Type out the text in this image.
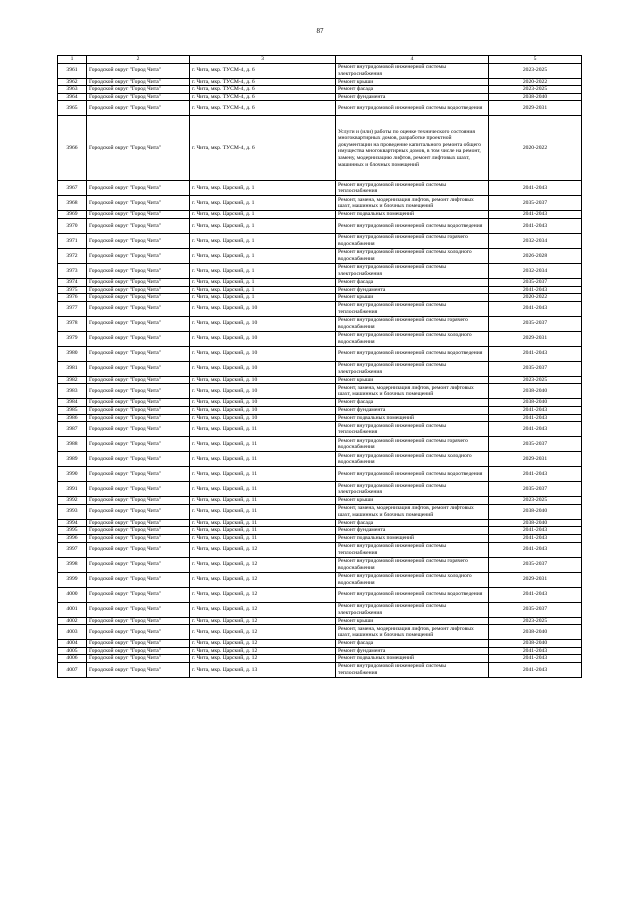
87
1	2	3	4	5
3961	Городской округ "Город Чита"	г. Чита, мкр. ТУСМ-4, д. 6	Ремонт внутридомовой инженерной системы электроснабжения	2023-2025
3962	Городской округ "Город Чита"	г. Чита, мкр. ТУСМ-4, д. 6	Ремонт крыши	2020-2022
3963	Городской округ "Город Чита"	г. Чита, мкр. ТУСМ-4, д. 6	Ремонт фасада	2023-2025
3964	Городской округ "Город Чита"	г. Чита, мкр. ТУСМ-4, д. 6	Ремонт фундамента	2038-2040
3965	Городской округ "Город Чита"	г. Чита, мкр. ТУСМ-4, д. 6	Ремонт внутридомовой инженерной системы водоотведения	2029-2031
3966	Городской округ "Город Чита"	г. Чита, мкр. ТУСМ-4, д. 6	Услуги и (или) работы по оценке технического состояния многоквартирных домов, разработке проектной документации на проведение капитального ремонта общего имущества многоквартирных домов, в том числе на ремонт, замену, модернизацию лифтов, ремонт лифтовых шахт, машинных и блочных помещений	2020-2022
3967	Городской округ "Город Чита"	г. Чита, мкр. Царский, д. 1	Ремонт внутридомовой инженерной системы теплоснабжения	2041-2043
3968	Городской округ "Город Чита"	г. Чита, мкр. Царский, д. 1	Ремонт, замена, модернизация лифтов, ремонт лифтовых шахт, машинных и блочных помещений	2035-2037
3969	Городской округ "Город Чита"	г. Чита, мкр. Царский, д. 1	Ремонт подвальных помещений	2041-2043
3970	Городской округ "Город Чита"	г. Чита, мкр. Царский, д. 1	Ремонт внутридомовой инженерной системы водоотведения	2041-2043
3971	Городской округ "Город Чита"	г. Чита, мкр. Царский, д. 1	Ремонт внутридомовой инженерной системы горячего водоснабжения	2032-2034
3972	Городской округ "Город Чита"	г. Чита, мкр. Царский, д. 1	Ремонт внутридомовой инженерной системы холодного водоснабжения	2026-2028
3973	Городской округ "Город Чита"	г. Чита, мкр. Царский, д. 1	Ремонт внутридомовой инженерной системы электроснабжения	2032-2034
3974	Городской округ "Город Чита"	г. Чита, мкр. Царский, д. 1	Ремонт фасада	2035-2037
3975	Городской округ "Город Чита"	г. Чита, мкр. Царский, д. 1	Ремонт фундамента	2041-2043
3976	Городской округ "Город Чита"	г. Чита, мкр. Царский, д. 1	Ремонт крыши	2020-2022
3977	Городской округ "Город Чита"	г. Чита, мкр. Царский, д. 10	Ремонт внутридомовой инженерной системы теплоснабжения	2041-2043
3978	Городской округ "Город Чита"	г. Чита, мкр. Царский, д. 10	Ремонт внутридомовой инженерной системы горячего водоснабжения	2035-2037
3979	Городской округ "Город Чита"	г. Чита, мкр. Царский, д. 10	Ремонт внутридомовой инженерной системы холодного водоснабжения	2029-2031
3980	Городской округ "Город Чита"	г. Чита, мкр. Царский, д. 10	Ремонт внутридомовой инженерной системы водоотведения	2041-2043
3981	Городской округ "Город Чита"	г. Чита, мкр. Царский, д. 10	Ремонт внутридомовой инженерной системы электроснабжения	2035-2037
3982	Городской округ "Город Чита"	г. Чита, мкр. Царский, д. 10	Ремонт крыши	2023-2025
3983	Городской округ "Город Чита"	г. Чита, мкр. Царский, д. 10	Ремонт, замена, модернизация лифтов, ремонт лифтовых шахт, машинных и блочных помещений	2038-2040
3984	Городской округ "Город Чита"	г. Чита, мкр. Царский, д. 10	Ремонт фасада	2038-2040
3985	Городской округ "Город Чита"	г. Чита, мкр. Царский, д. 10	Ремонт фундамента	2041-2043
3986	Городской округ "Город Чита"	г. Чита, мкр. Царский, д. 10	Ремонт подвальных помещений	2041-2043
3987	Городской округ "Город Чита"	г. Чита, мкр. Царский, д. 11	Ремонт внутридомовой инженерной системы теплоснабжения	2041-2043
3988	Городской округ "Город Чита"	г. Чита, мкр. Царский, д. 11	Ремонт внутридомовой инженерной системы горячего водоснабжения	2035-2037
3989	Городской округ "Город Чита"	г. Чита, мкр. Царский, д. 11	Ремонт внутридомовой инженерной системы холодного водоснабжения	2029-2031
3990	Городской округ "Город Чита"	г. Чита, мкр. Царский, д. 11	Ремонт внутридомовой инженерной системы водоотведения	2041-2043
3991	Городской округ "Город Чита"	г. Чита, мкр. Царский, д. 11	Ремонт внутридомовой инженерной системы электроснабжения	2035-2037
3992	Городской округ "Город Чита"	г. Чита, мкр. Царский, д. 11	Ремонт крыши	2023-2025
3993	Городской округ "Город Чита"	г. Чита, мкр. Царский, д. 11	Ремонт, замена, модернизация лифтов, ремонт лифтовых шахт, машинных и блочных помещений	2038-2040
3994	Городской округ "Город Чита"	г. Чита, мкр. Царский, д. 11	Ремонт фасада	2038-2040
3995	Городской округ "Город Чита"	г. Чита, мкр. Царский, д. 11	Ремонт фундамента	2041-2043
3996	Городской округ "Город Чита"	г. Чита, мкр. Царский, д. 11	Ремонт подвальных помещений	2041-2043
3997	Городской округ "Город Чита"	г. Чита, мкр. Царский, д. 12	Ремонт внутридомовой инженерной системы теплоснабжения	2041-2043
3998	Городской округ "Город Чита"	г. Чита, мкр. Царский, д. 12	Ремонт внутридомовой инженерной системы горячего водоснабжения	2035-2037
3999	Городской округ "Город Чита"	г. Чита, мкр. Царский, д. 12	Ремонт внутридомовой инженерной системы холодного водоснабжения	2029-2031
4000	Городской округ "Город Чита"	г. Чита, мкр. Царский, д. 12	Ремонт внутридомовой инженерной системы водоотведения	2041-2043
4001	Городской округ "Город Чита"	г. Чита, мкр. Царский, д. 12	Ремонт внутридомовой инженерной системы электроснабжения	2035-2037
4002	Городской округ "Город Чита"	г. Чита, мкр. Царский, д. 12	Ремонт крыши	2023-2025
4003	Городской округ "Город Чита"	г. Чита, мкр. Царский, д. 12	Ремонт, замена, модернизация лифтов, ремонт лифтовых шахт, машинных и блочных помещений	2038-2040
4004	Городской округ "Город Чита"	г. Чита, мкр. Царский, д. 12	Ремонт фасада	2038-2040
4005	Городской округ "Город Чита"	г. Чита, мкр. Царский, д. 12	Ремонт фундамента	2041-2043
4006	Городской округ "Город Чита"	г. Чита, мкр. Царский, д. 12	Ремонт подвальных помещений	2041-2043
4007	Городской округ "Город Чита"	г. Чита, мкр. Царский, д. 13	Ремонт внутридомовой инженерной системы теплоснабжения	2041-2043
